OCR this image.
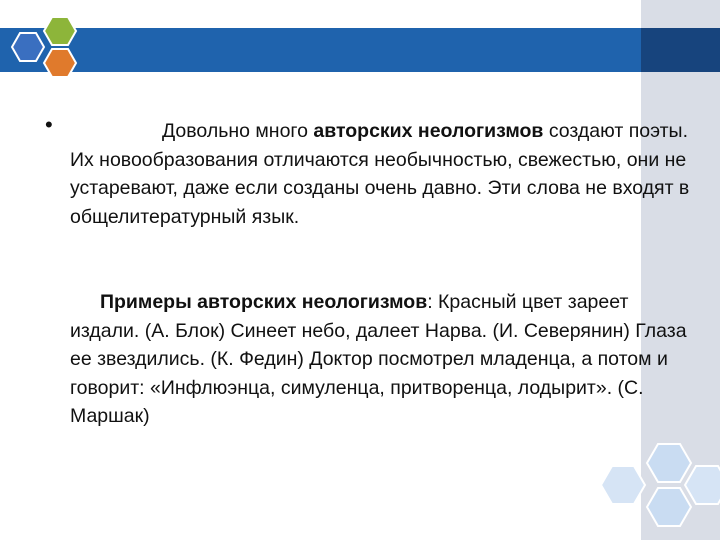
•	Довольно много авторских неологизмов создают поэты. Их новообразования отличаются необычностью, свежестью, они не устаревают, даже если созданы очень давно. Эти слова не входят в общелитературный язык.
Примеры авторских неологизмов: Красный цвет зареет издали. (А. Блок) Синеет небо, далеет Нарва. (И. Северянин) Глаза ее звездились. (К. Федин) Доктор посмотрел младенца, а потом и говорит: «Инфлюэнца, симуленца, притворенца, лодырит». (С. Маршак)
